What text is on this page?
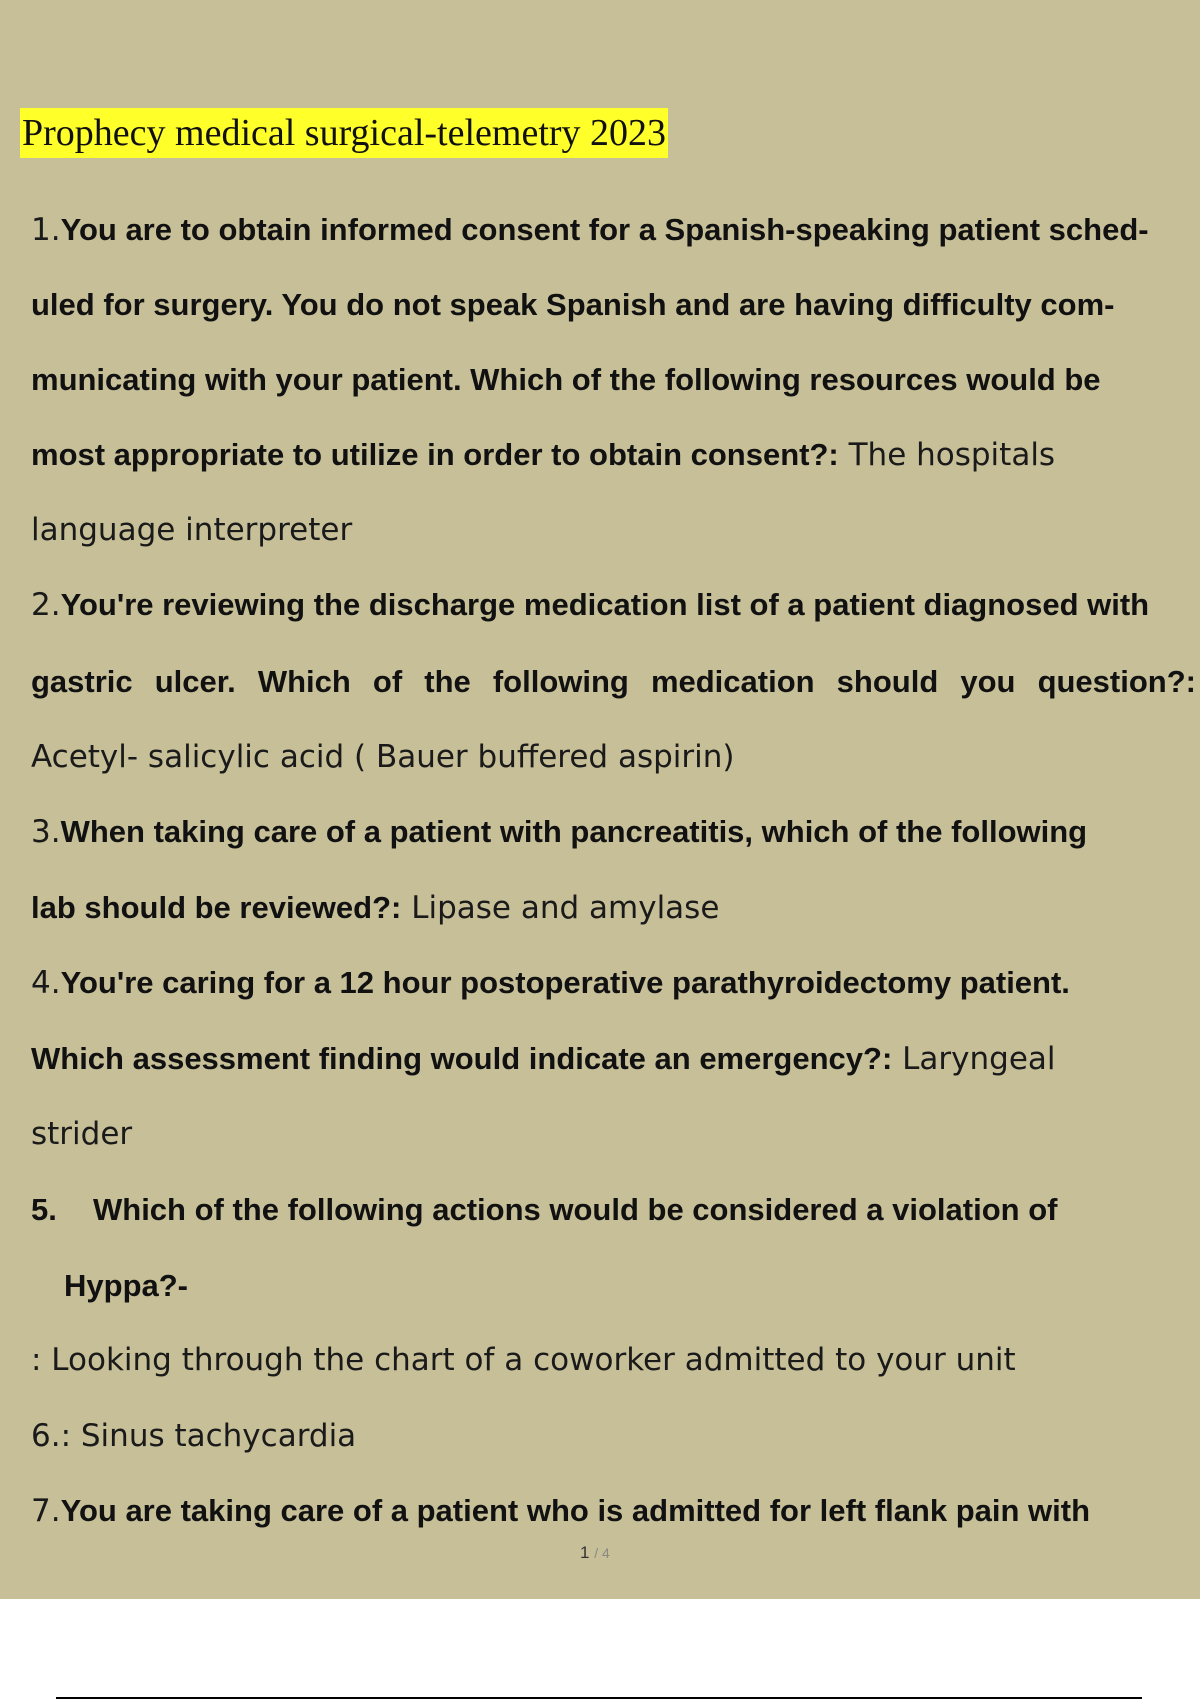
Prophecy medical surgical-telemetry 2023
1.You are to obtain informed consent for a Spanish-speaking patient sched-
uled for surgery. You do not speak Spanish and are having difficulty com-
municating with your patient. Which of the following resources would be
most appropriate to utilize in order to obtain consent?: The hospitals
language interpreter
2.You're reviewing the discharge medication list of a patient diagnosed with
gastric ulcer. Which of the following medication should you question?:
Acetyl- salicylic acid ( Bauer buffered aspirin)
3.When taking care of a patient with pancreatitis, which of the following
lab should be reviewed?: Lipase and amylase
4.You're caring for a 12 hour postoperative parathyroidectomy patient.
Which assessment finding would indicate an emergency?: Laryngeal
strider
5. Which of the following actions would be considered a violation of
Hyppa?-
: Looking through the chart of a coworker admitted to your unit
6.: Sinus tachycardia
7.You are taking care of a patient who is admitted for left flank pain with
1 / 4
